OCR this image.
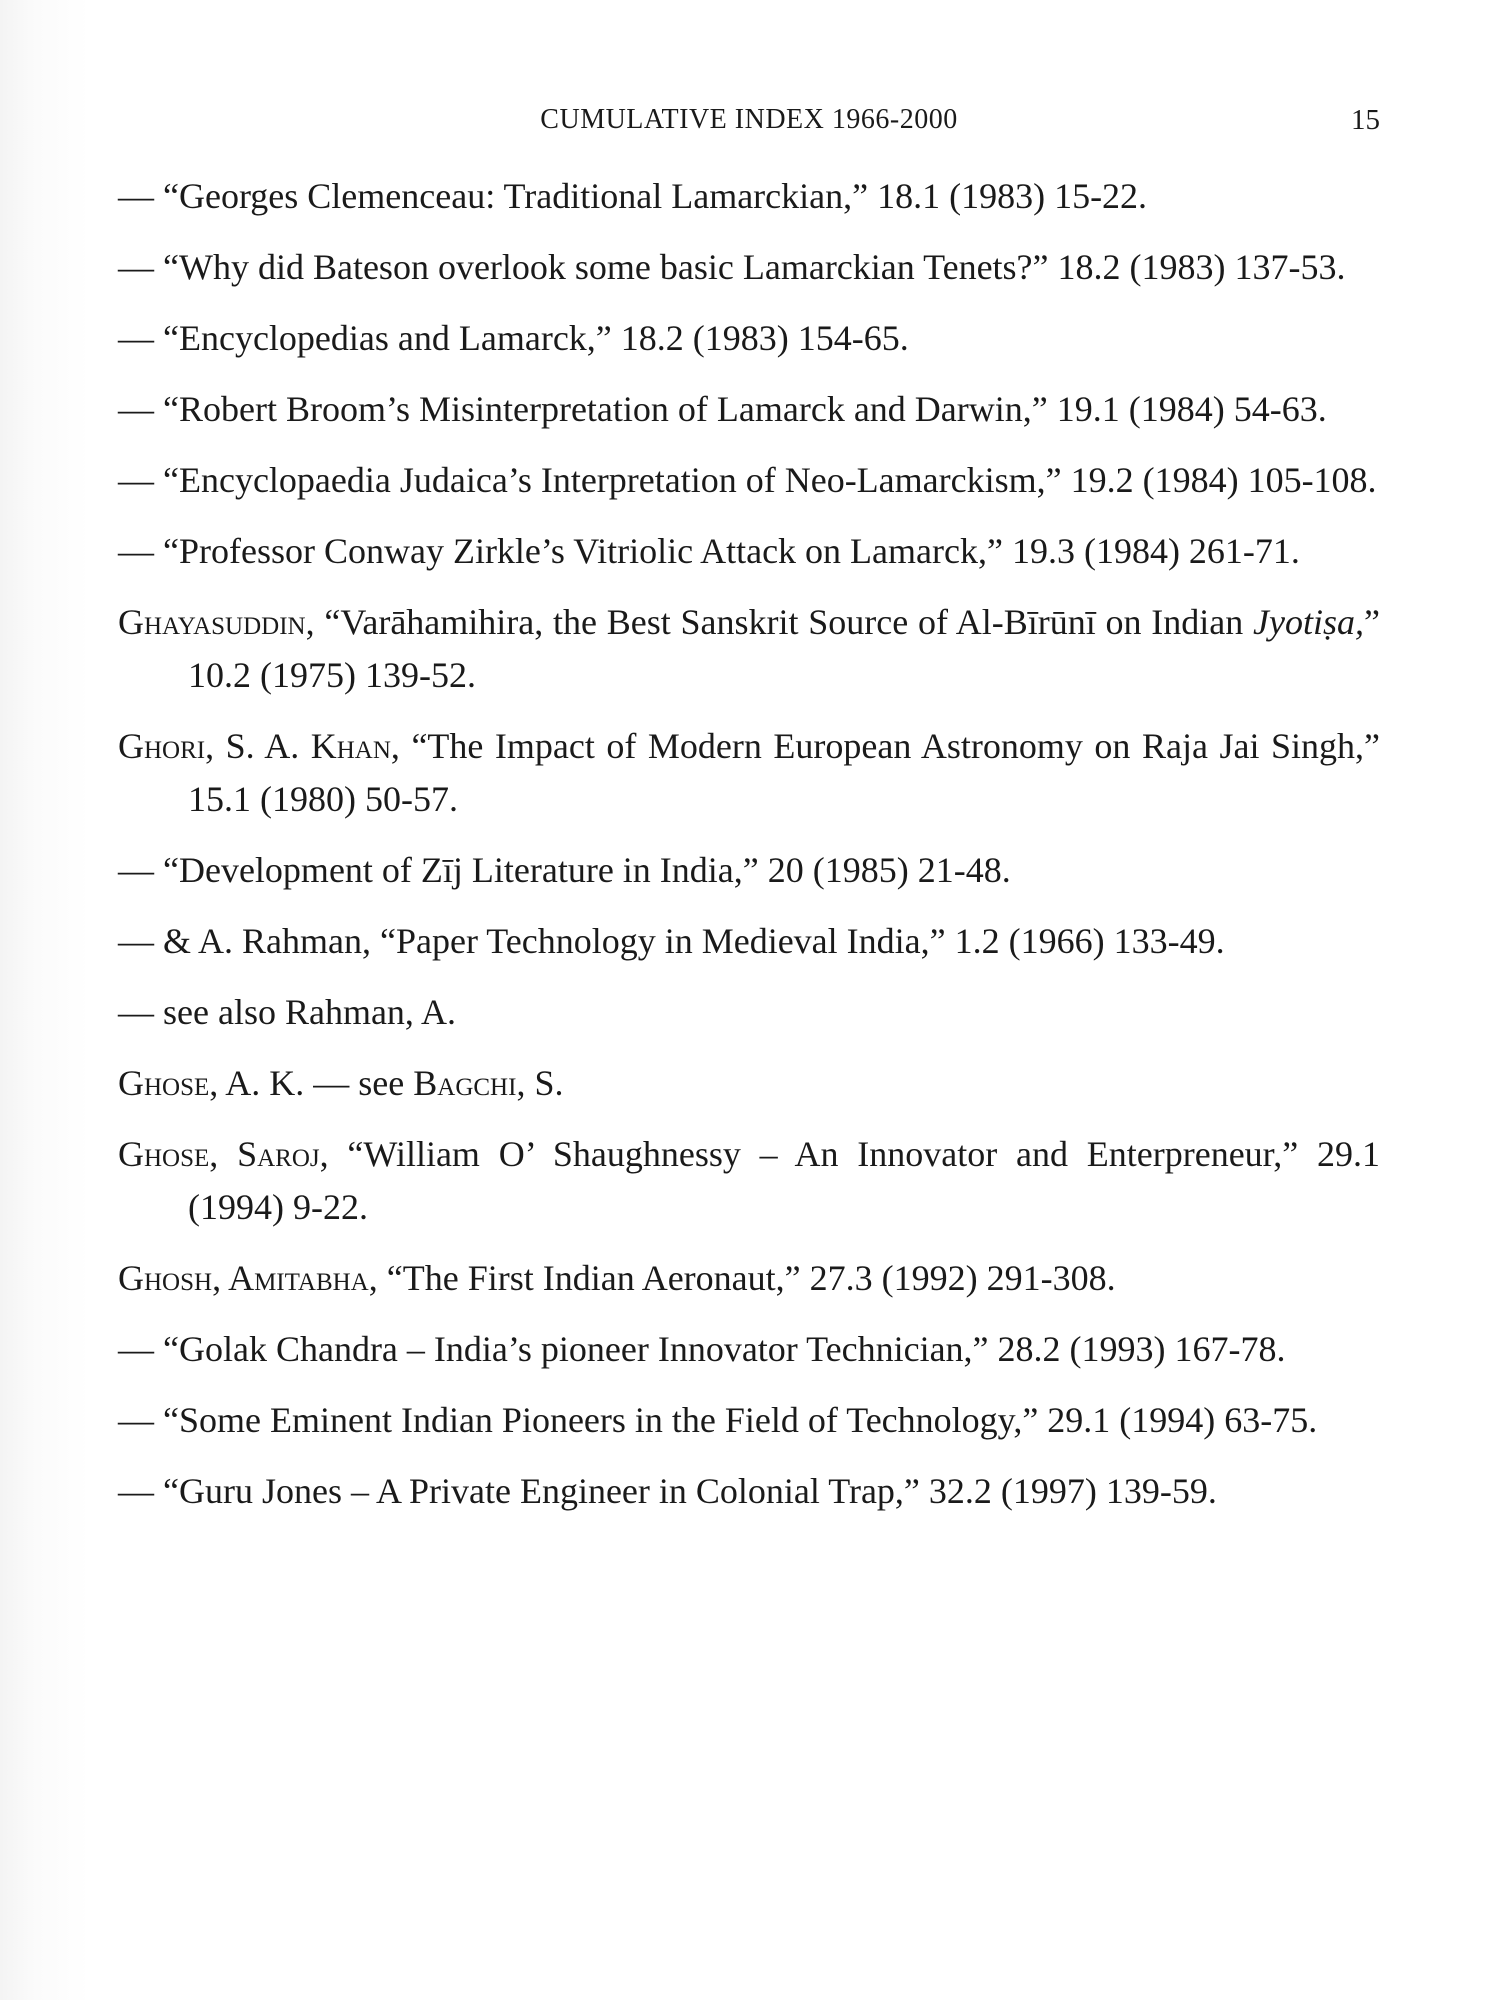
CUMULATIVE INDEX 1966-2000	15

— “Georges Clemenceau: Traditional Lamarckian,” 18.1 (1983) 15-22.

— “Why did Bateson overlook some basic Lamarckian Tenets?” 18.2 (1983) 137-53.

— “Encyclopedias and Lamarck,” 18.2 (1983) 154-65.

— “Robert Broom’s Misinterpretation of Lamarck and Darwin,” 19.1 (1984) 54-63.

— “Encyclopaedia Judaica’s Interpretation of Neo-Lamarckism,” 19.2 (1984) 105-108.

— “Professor Conway Zirkle’s Vitriolic Attack on Lamarck,” 19.3 (1984) 261-71.

Ghayasuddin, “Varāhamihira, the Best Sanskrit Source of Al-Bīrūnī on Indian Jyotiṣa,” 10.2 (1975) 139-52.

Ghori, S. A. Khan, “The Impact of Modern European Astronomy on Raja Jai Singh,” 15.1 (1980) 50-57.

— “Development of Zīj Literature in India,” 20 (1985) 21-48.

— & A. Rahman, “Paper Technology in Medieval India,” 1.2 (1966) 133-49.

— see also Rahman, A.

Ghose, A. K. — see Bagchi, S.

Ghose, Saroj, “William O’ Shaughnessy – An Innovator and Enterpreneur,” 29.1 (1994) 9-22.

Ghosh, Amitabha, “The First Indian Aeronaut,” 27.3 (1992) 291-308.

— “Golak Chandra – India’s pioneer Innovator Technician,” 28.2 (1993) 167-78.

— “Some Eminent Indian Pioneers in the Field of Technology,” 29.1 (1994) 63-75.

— “Guru Jones – A Private Engineer in Colonial Trap,” 32.2 (1997) 139-59.
